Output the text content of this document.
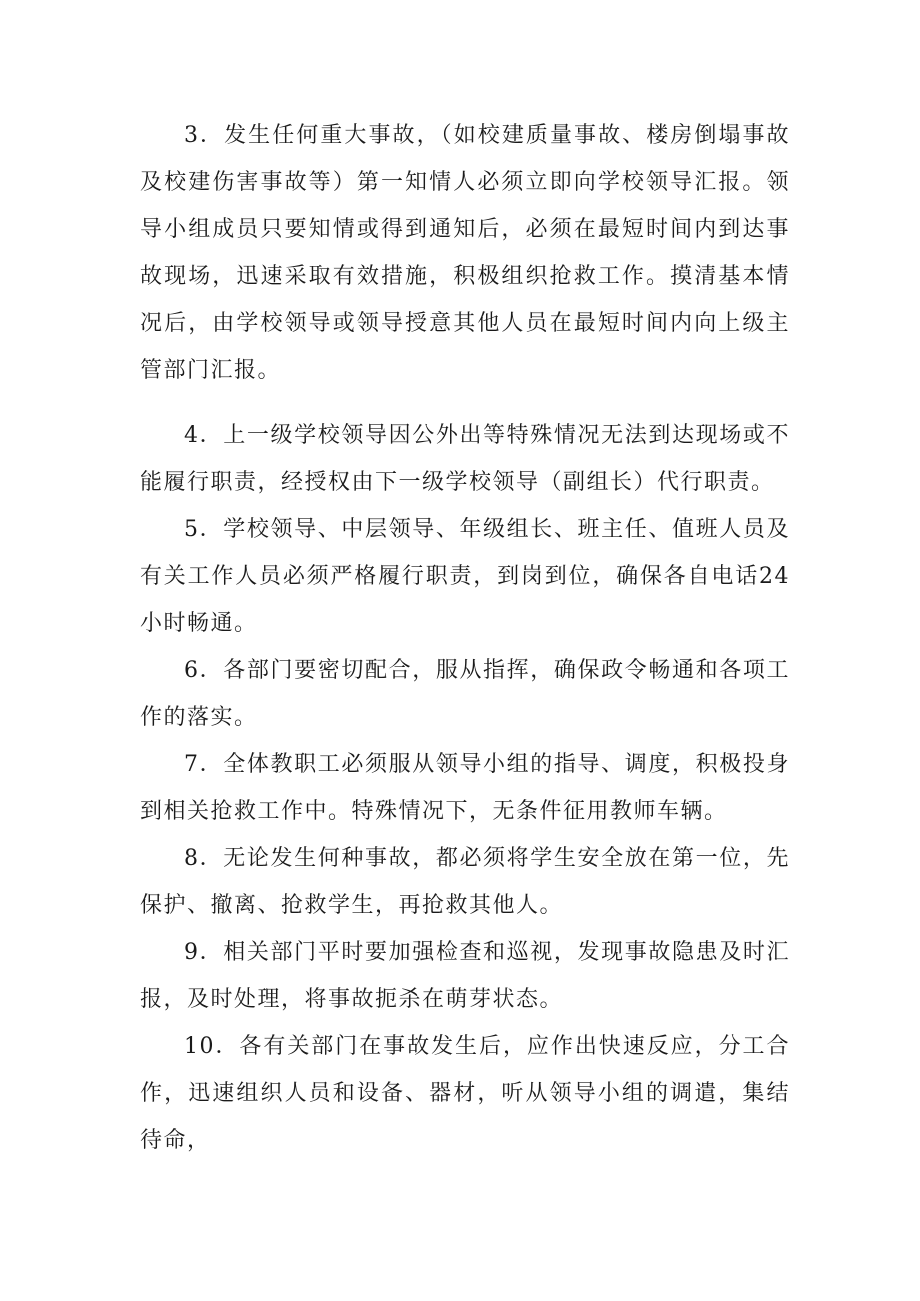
3．发生任何重大事故，（如校建质量事故、楼房倒塌事故及校建伤害事故等）第一知情人必须立即向学校领导汇报。领导小组成员只要知情或得到通知后，必须在最短时间内到达事故现场，迅速采取有效措施，积极组织抢救工作。摸清基本情况后，由学校领导或领导授意其他人员在最短时间内向上级主管部门汇报。

4．上一级学校领导因公外出等特殊情况无法到达现场或不能履行职责，经授权由下一级学校领导（副组长）代行职责。

5．学校领导、中层领导、年级组长、班主任、值班人员及有关工作人员必须严格履行职责，到岗到位，确保各自电话24小时畅通。

6．各部门要密切配合，服从指挥，确保政令畅通和各项工作的落实。

7．全体教职工必须服从领导小组的指导、调度，积极投身到相关抢救工作中。特殊情况下，无条件征用教师车辆。

8．无论发生何种事故，都必须将学生安全放在第一位，先保护、撤离、抢救学生，再抢救其他人。

9．相关部门平时要加强检查和巡视，发现事故隐患及时汇报，及时处理，将事故扼杀在萌芽状态。

10．各有关部门在事故发生后，应作出快速反应，分工合作，迅速组织人员和设备、器材，听从领导小组的调遣，集结待命，
